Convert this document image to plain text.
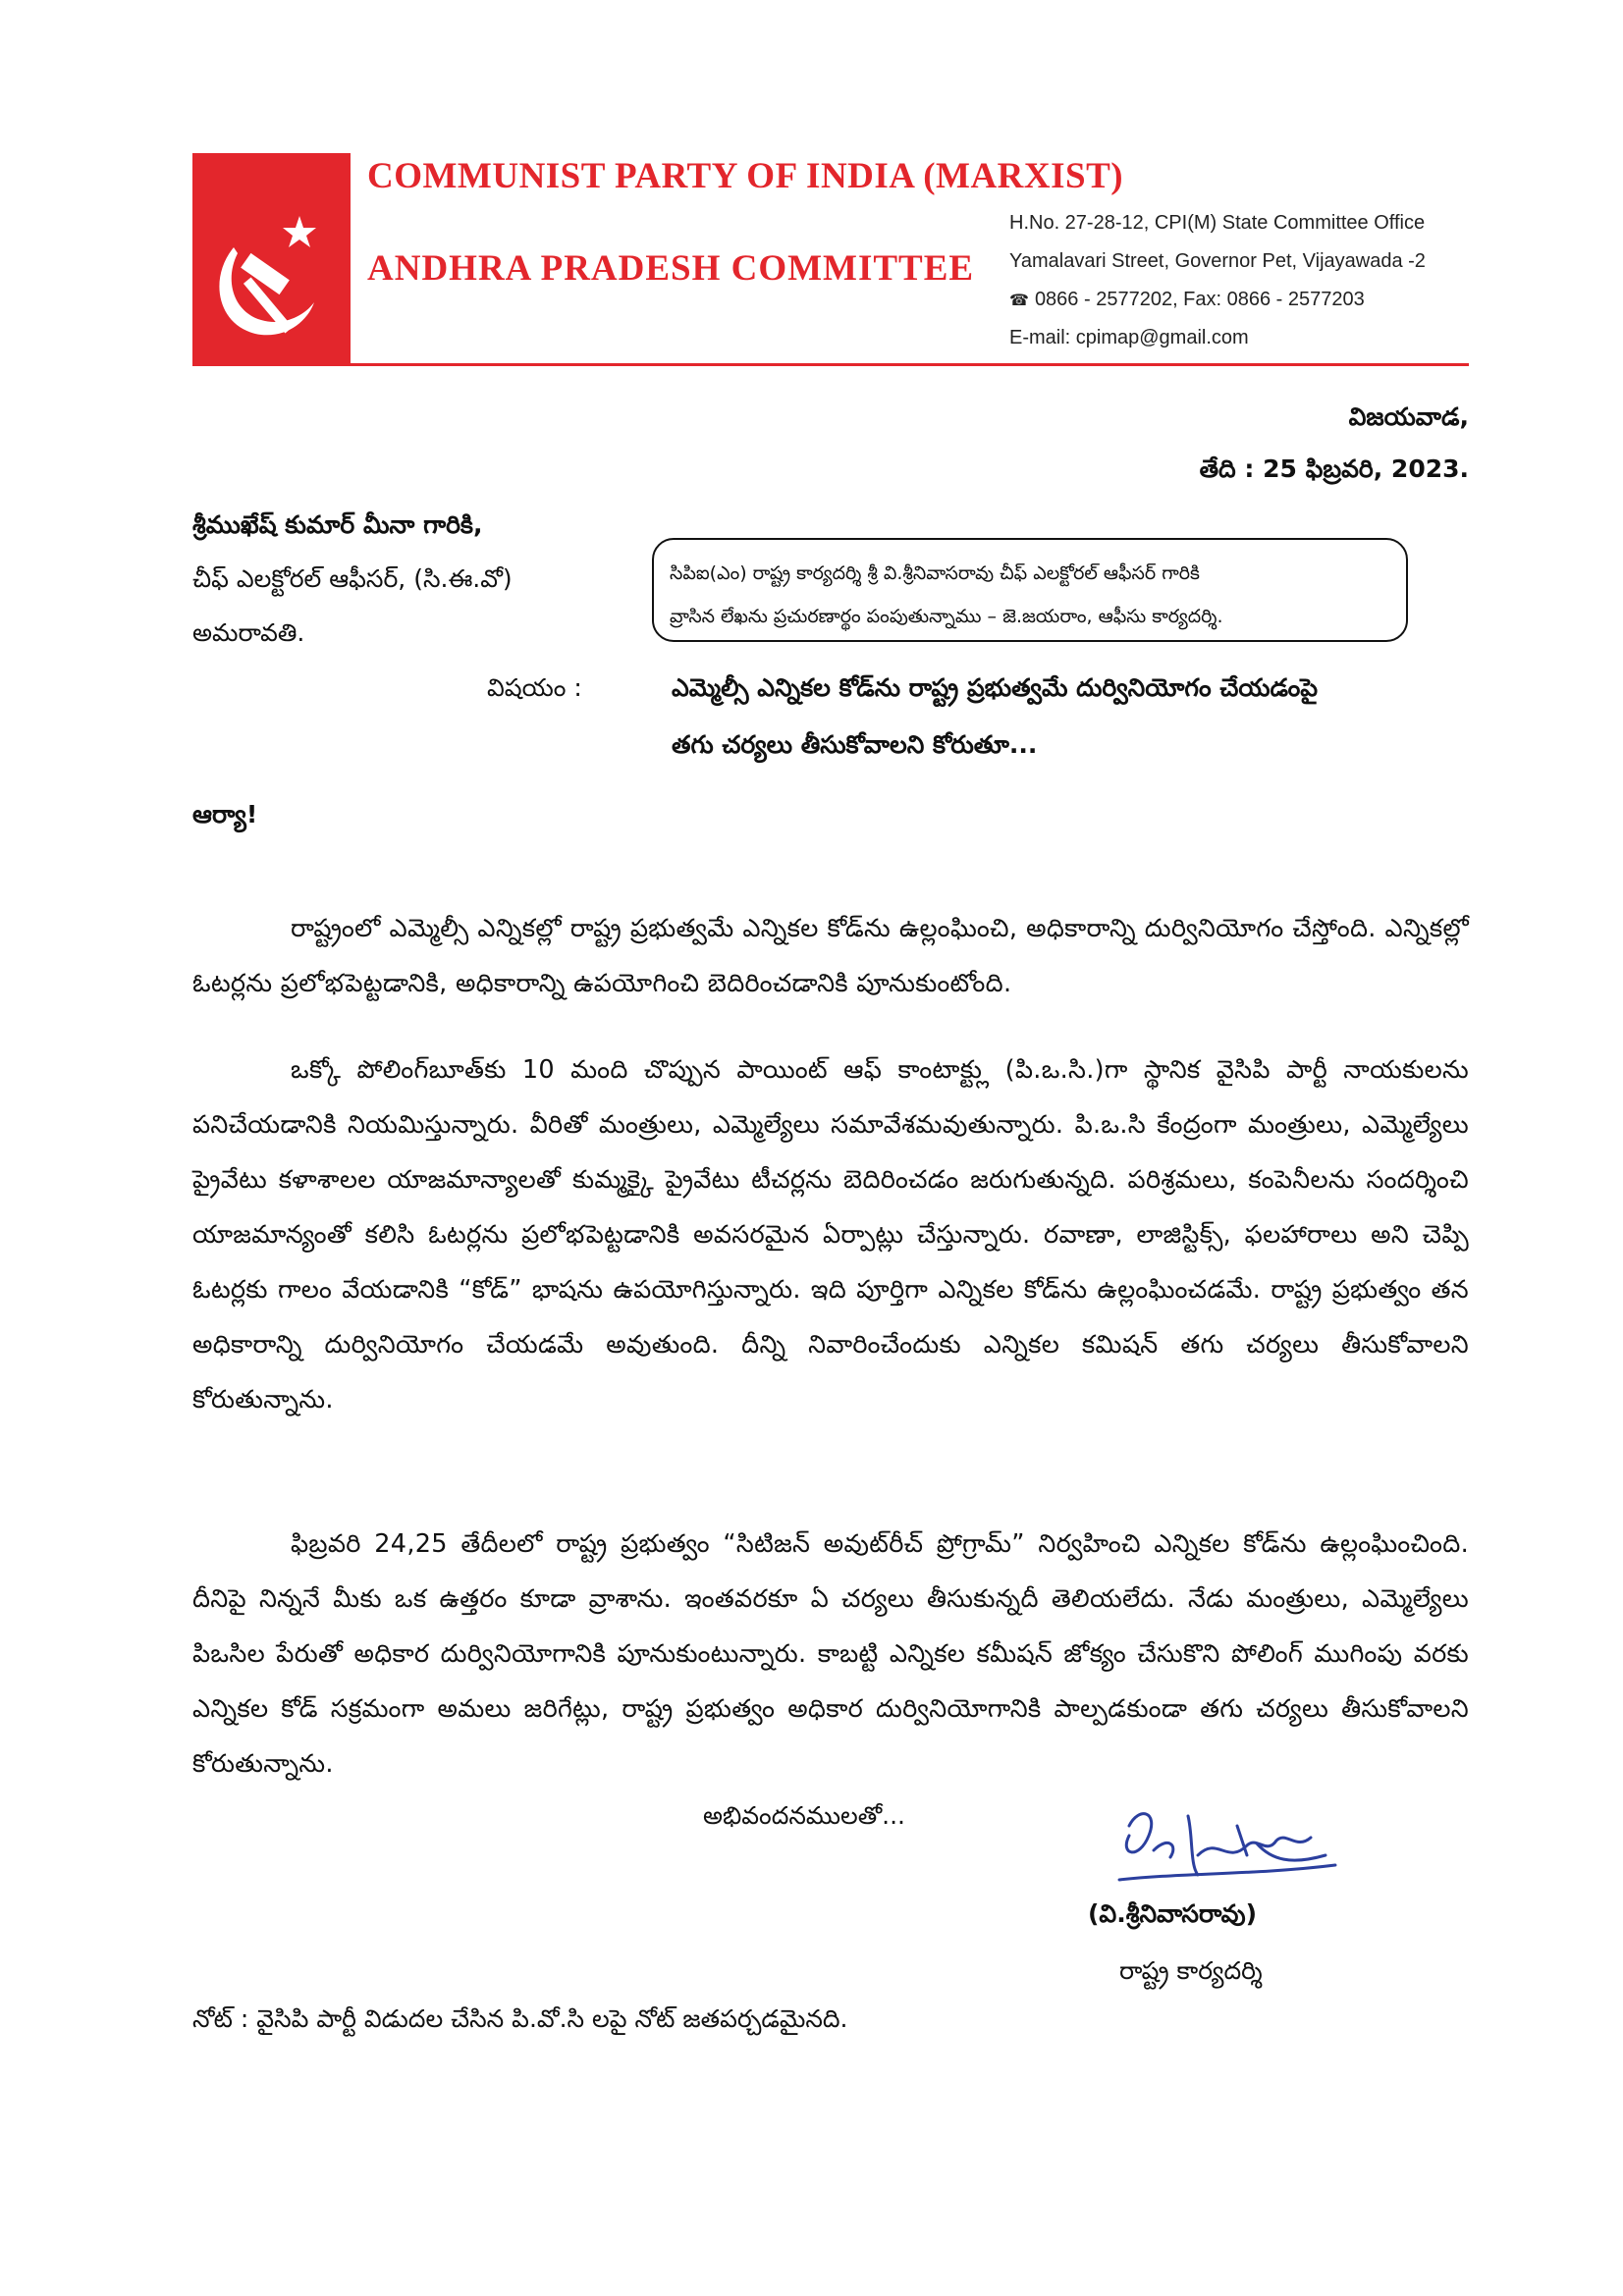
COMMUNIST PARTY OF INDIA (MARXIST)
ANDHRA PRADESH COMMITTEE
H.No. 27-28-12, CPI(M) State Committee Office
Yamalavari Street, Governor Pet, Vijayawada -2
☎ 0866 - 2577202, Fax: 0866 - 2577203
E-mail: cpimap@gmail.com
విజయవాడ,
తేది : 25 ఫిబ్రవరి, 2023.
శ్రీముఖేష్ కుమార్ మీనా గారికి,
చీఫ్ ఎలక్టోరల్ ఆఫీసర్, (సి.ఈ.వో)
అమరావతి.
సిపిఐ(ఎం) రాష్ట్ర కార్యదర్శి శ్రీ వి.శ్రీనివాసరావు చీఫ్ ఎలక్టోరల్ ఆఫీసర్ గారికి
వ్రాసిన లేఖను ప్రచురణార్థం పంపుతున్నాము – జె.జయరాం, ఆఫీసు కార్యదర్శి.
విషయం :	ఎమ్మెల్సీ ఎన్నికల కోడ్‌ను రాష్ట్ర ప్రభుత్వమే దుర్వినియోగం చేయడంపై
తగు చర్యలు తీసుకోవాలని కోరుతూ...
ఆర్యా!
రాష్ట్రంలో ఎమ్మెల్సీ ఎన్నికల్లో రాష్ట్ర ప్రభుత్వమే ఎన్నికల కోడ్‌ను ఉల్లంఘించి, అధికారాన్ని దుర్వినియోగం చేస్తోంది. ఎన్నికల్లో ఓటర్లను ప్రలోభపెట్టడానికి, అధికారాన్ని ఉపయోగించి బెదిరించడానికి పూనుకుంటోంది.
ఒక్కో పోలింగ్‌బూత్‌కు 10 మంది చొప్పున పాయింట్ ఆఫ్ కాంటాక్ట్లు (పి.ఒ.సి.)గా స్థానిక వైసిపి పార్టీ నాయకులను పనిచేయడానికి నియమిస్తున్నారు. వీరితో మంత్రులు, ఎమ్మెల్యేలు సమావేశమవుతున్నారు. పి.ఒ.సి కేంద్రంగా మంత్రులు, ఎమ్మెల్యేలు ప్రైవేటు కళాశాలల యాజమాన్యాలతో కుమ్మక్కై ప్రైవేటు టీచర్లను బెదిరించడం జరుగుతున్నది. పరిశ్రమలు, కంపెనీలను సందర్శించి యాజమాన్యంతో కలిసి ఓటర్లను ప్రలోభపెట్టడానికి అవసరమైన ఏర్పాట్లు చేస్తున్నారు. రవాణా, లాజిస్టిక్స్, ఫలహారాలు అని చెప్పి ఓటర్లకు గాలం వేయడానికి “కోడ్” భాషను ఉపయోగిస్తున్నారు. ఇది పూర్తిగా ఎన్నికల కోడ్‌ను ఉల్లంఘించడమే. రాష్ట్ర ప్రభుత్వం తన అధికారాన్ని దుర్వినియోగం చేయడమే అవుతుంది. దీన్ని నివారించేందుకు ఎన్నికల కమిషన్ తగు చర్యలు తీసుకోవాలని కోరుతున్నాను.
ఫిబ్రవరి 24,25 తేదీలలో రాష్ట్ర ప్రభుత్వం “సిటిజన్ అవుట్‌రీచ్ ప్రోగ్రామ్” నిర్వహించి ఎన్నికల కోడ్‌ను ఉల్లంఘించింది. దీనిపై నిన్ననే మీకు ఒక ఉత్తరం కూడా వ్రాశాను. ఇంతవరకూ ఏ చర్యలు తీసుకున్నదీ తెలియలేదు. నేడు మంత్రులు, ఎమ్మెల్యేలు పిఒసిల పేరుతో అధికార దుర్వినియోగానికి పూనుకుంటున్నారు. కాబట్టి ఎన్నికల కమీషన్ జోక్యం చేసుకొని పోలింగ్ ముగింపు వరకు ఎన్నికల కోడ్ సక్రమంగా అమలు జరిగేట్లు, రాష్ట్ర ప్రభుత్వం అధికార దుర్వినియోగానికి పాల్పడకుండా తగు చర్యలు తీసుకోవాలని కోరుతున్నాను.
అభివందనములతో...
(వి.శ్రీనివాసరావు)
రాష్ట్ర కార్యదర్శి
నోట్ : వైసిపి పార్టీ విడుదల చేసిన పి.వో.సి లపై నోట్ జతపర్చడమైనది.
